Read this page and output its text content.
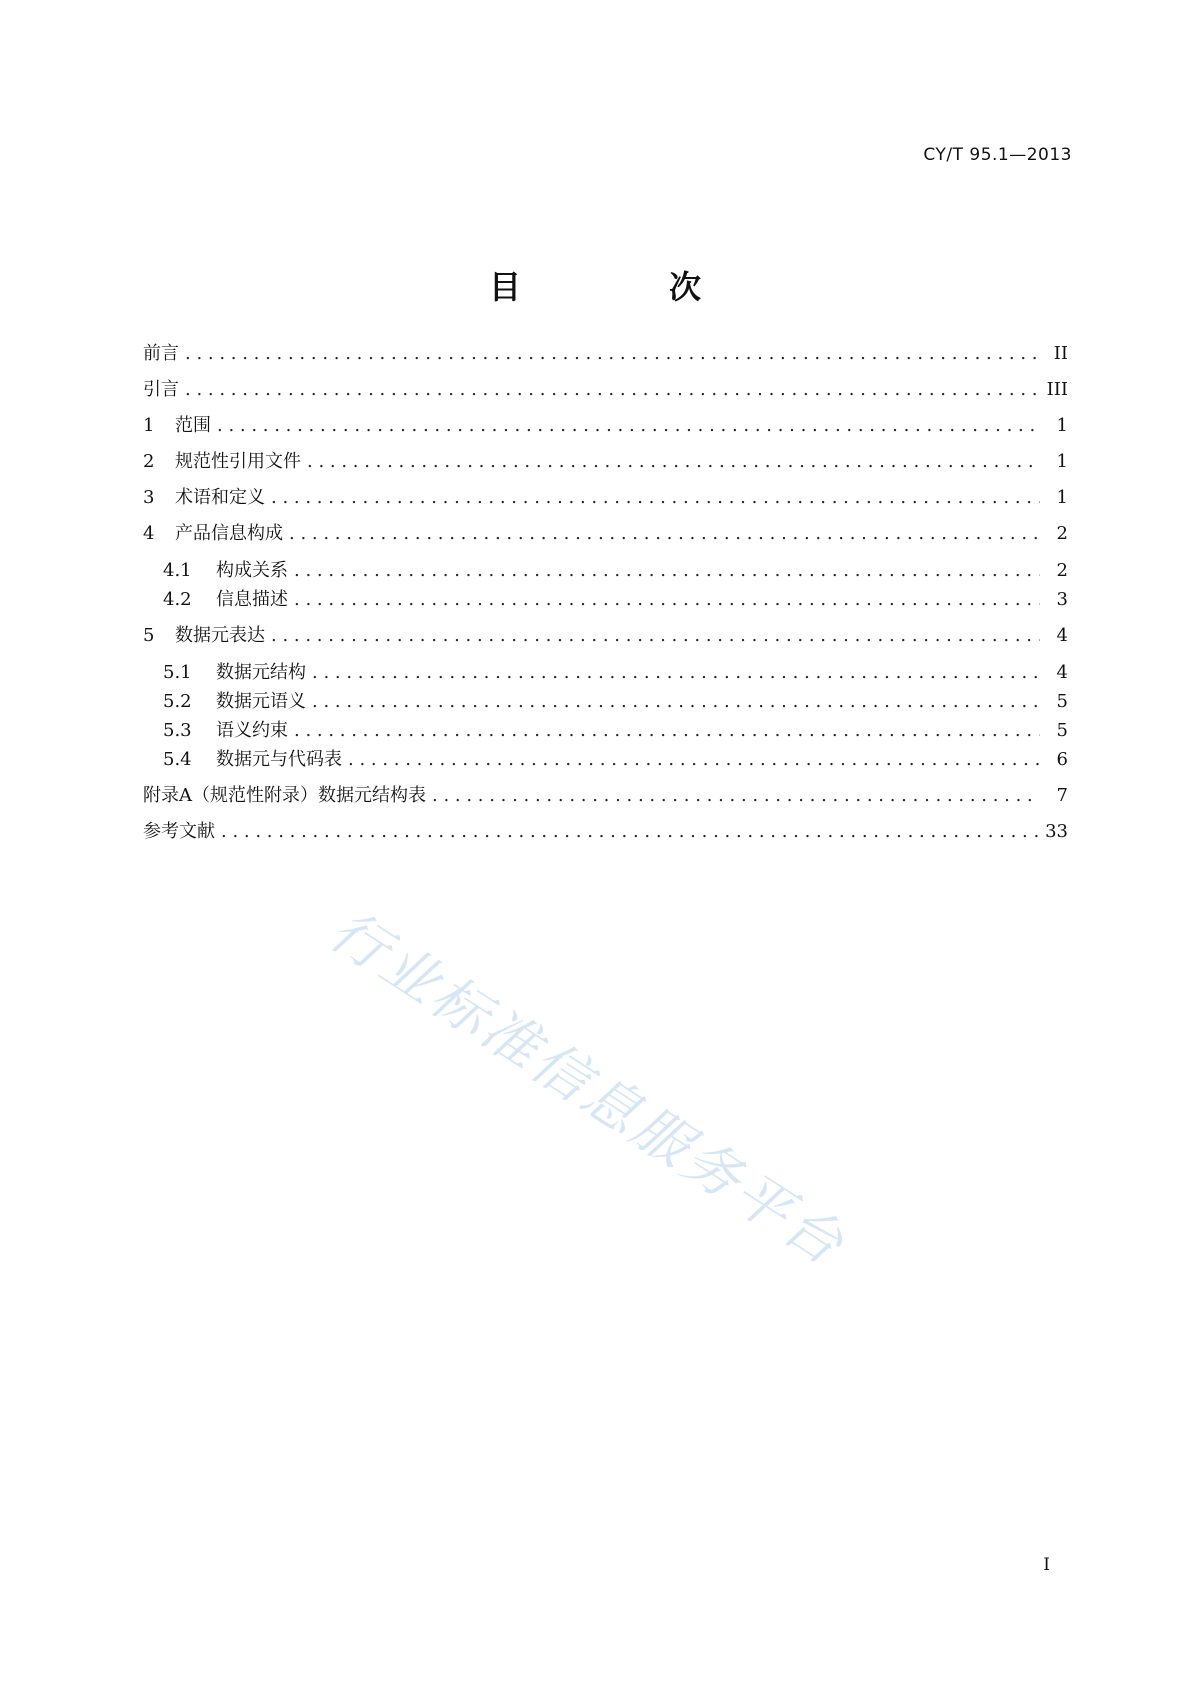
CY/T 95.1—2013
目　次
前言 . . .	II
引言 . . .	III
1	范围 . . .	1
2	规范性引用文件 . . .	1
3	术语和定义 . . .	1
4	产品信息构成 . . .	2
4.1	构成关系 . . .	2
4.2	信息描述 . . .	3
5	数据元表达 . . .	4
5.1	数据元结构 . . .	4
5.2	数据元语义 . . .	5
5.3	语义约束 . . .	5
5.4	数据元与代码表 . . .	6
附录A（规范性附录）数据元结构表 . . .	7
参考文献 . . .	33
行业标准信息服务平台
I
